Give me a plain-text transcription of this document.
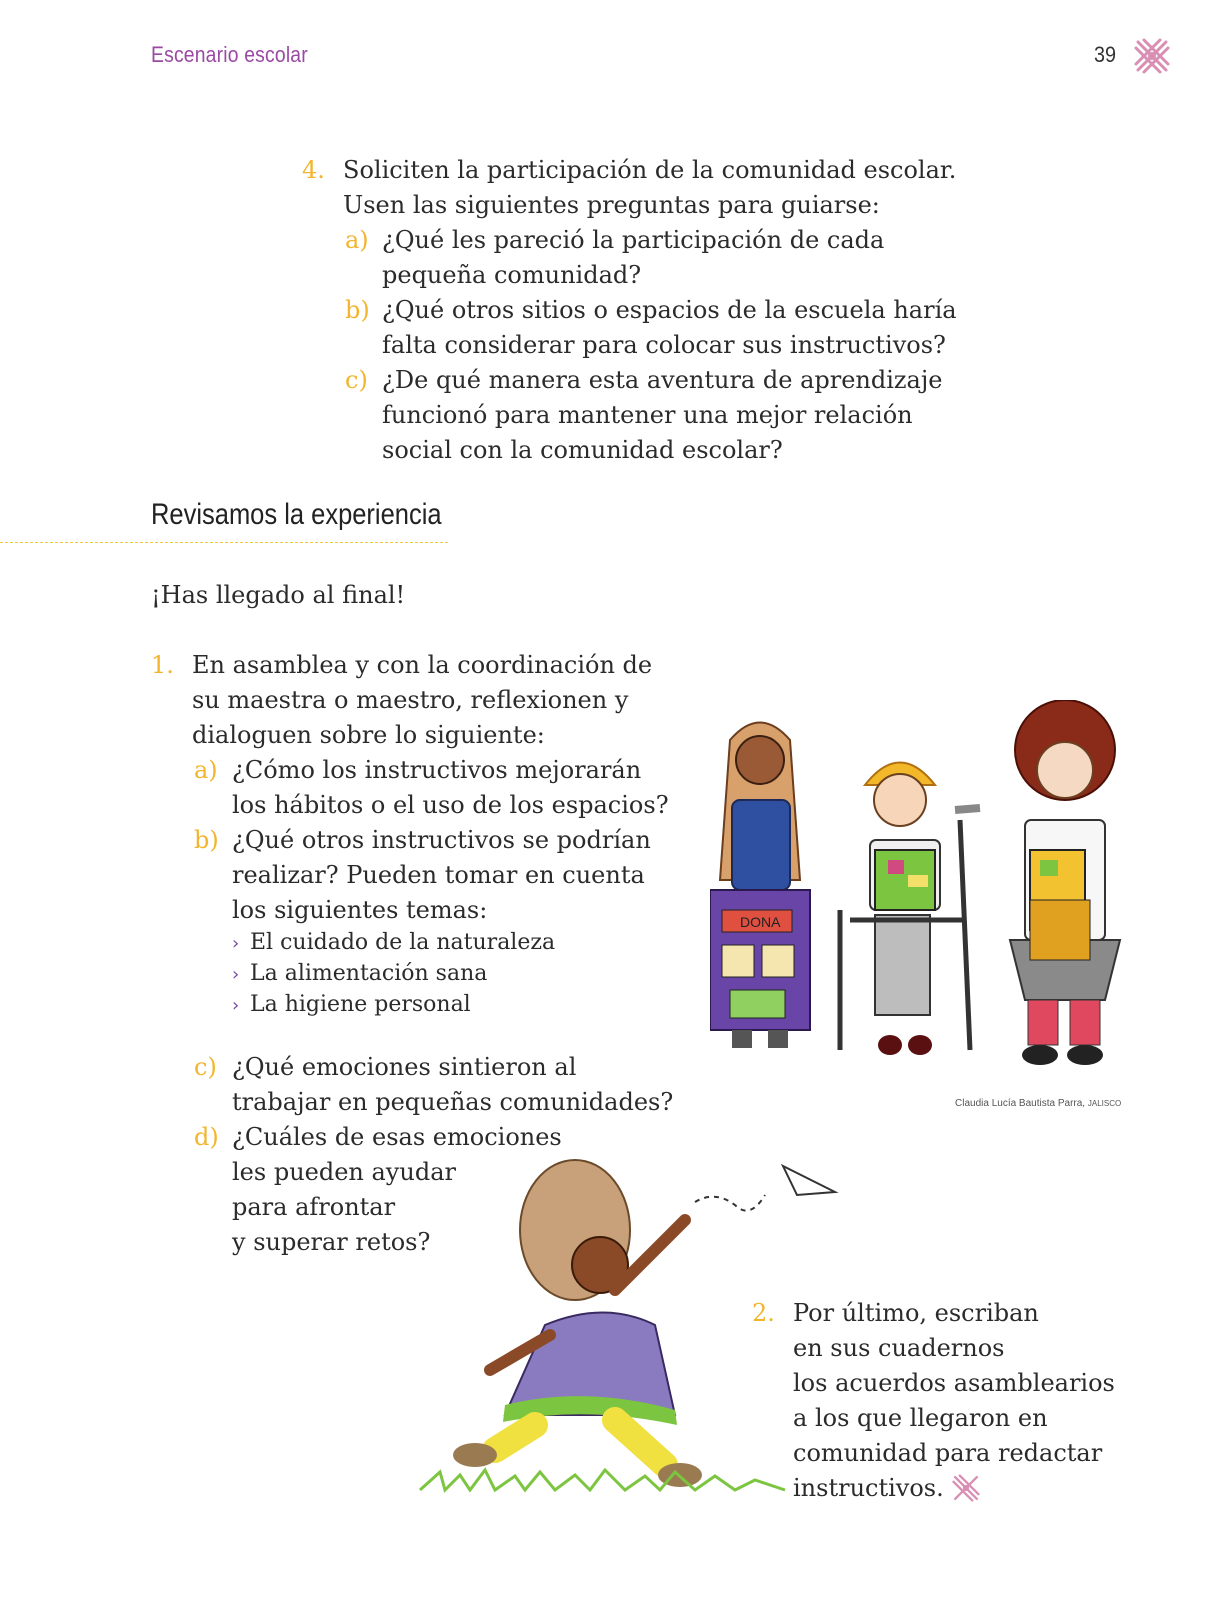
Escenario escolar	39
4. Soliciten la participación de la comunidad escolar.

Usen las siguientes preguntas para guiarse:

a) ¿Qué les pareció la participación de cada

pequeña comunidad?

b) ¿Qué otros sitios o espacios de la escuela haría

falta considerar para colocar sus instructivos?

c) ¿De qué manera esta aventura de aprendizaje

funcionó para mantener una mejor relación

social con la comunidad escolar?

Revisamos la experiencia
¡Has llegado al final!
1. En asamblea y con la coordinación de

su maestra o maestro, reflexionen y

dialoguen sobre lo siguiente:

a) ¿Cómo los instructivos mejorarán

los hábitos o el uso de los espacios?

b) ¿Qué otros instructivos se podrían

realizar? Pueden tomar en cuenta

los siguientes temas:

› El cuidado de la naturaleza
› La alimentación sana
› La higiene personal
c) ¿Qué emociones sintieron al

trabajar en pequeñas comunidades?

d) ¿Cuáles de esas emociones

les pueden ayudar

para afrontar

y superar retos?

DONA
Claudia Lucía Bautista Parra, JALISCO
2. Por último, escriban

en sus cuadernos

los acuerdos asamblearios

a los que llegaron en

comunidad para redactar

instructivos.
